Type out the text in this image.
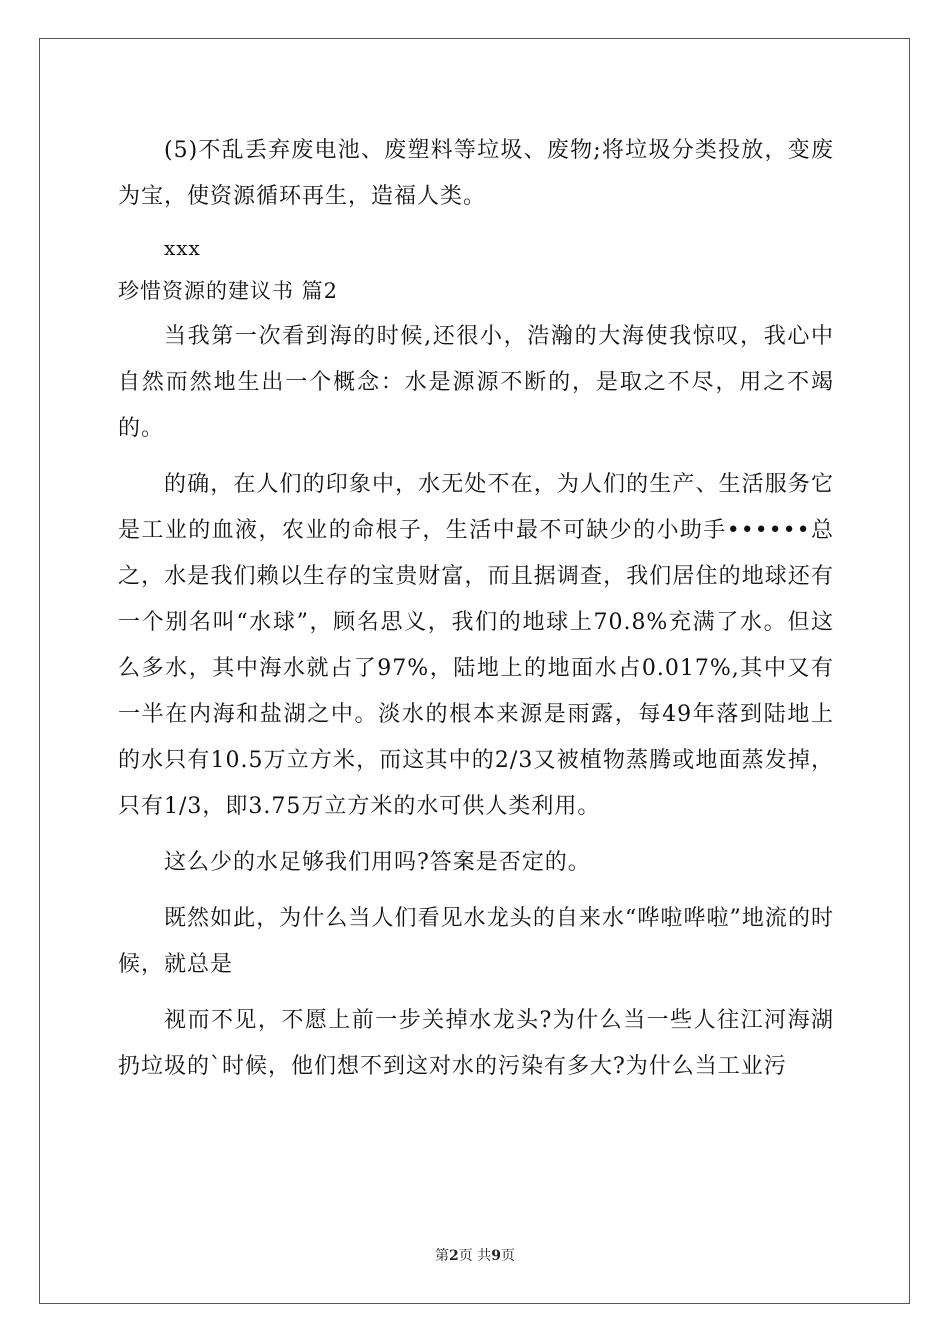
(5)不乱丢弃废电池、废塑料等垃圾、废物;将垃圾分类投放，变废为宝，使资源循环再生，造福人类。

xxx

珍惜资源的建议书 篇2

当我第一次看到海的时候,还很小，浩瀚的大海使我惊叹，我心中自然而然地生出一个概念：水是源源不断的，是取之不尽，用之不竭的。

的确，在人们的印象中，水无处不在，为人们的生产、生活服务它是工业的血液，农业的命根子，生活中最不可缺少的小助手••••••总之，水是我们赖以生存的宝贵财富，而且据调查，我们居住的地球还有一个别名叫“水球”，顾名思义，我们的地球上70.8%充满了水。但这么多水，其中海水就占了97%，陆地上的地面水占0.017%,其中又有一半在内海和盐湖之中。淡水的根本来源是雨露，每49年落到陆地上的水只有10.5万立方米，而这其中的2/3又被植物蒸腾或地面蒸发掉，只有1/3，即3.75万立方米的水可供人类利用。

这么少的水足够我们用吗?答案是否定的。

既然如此，为什么当人们看见水龙头的自来水“哗啦哗啦”地流的时候，就总是

视而不见，不愿上前一步关掉水龙头?为什么当一些人往江河海湖扔垃圾的`时候，他们想不到这对水的污染有多大?为什么当工业污

第2页 共9页
